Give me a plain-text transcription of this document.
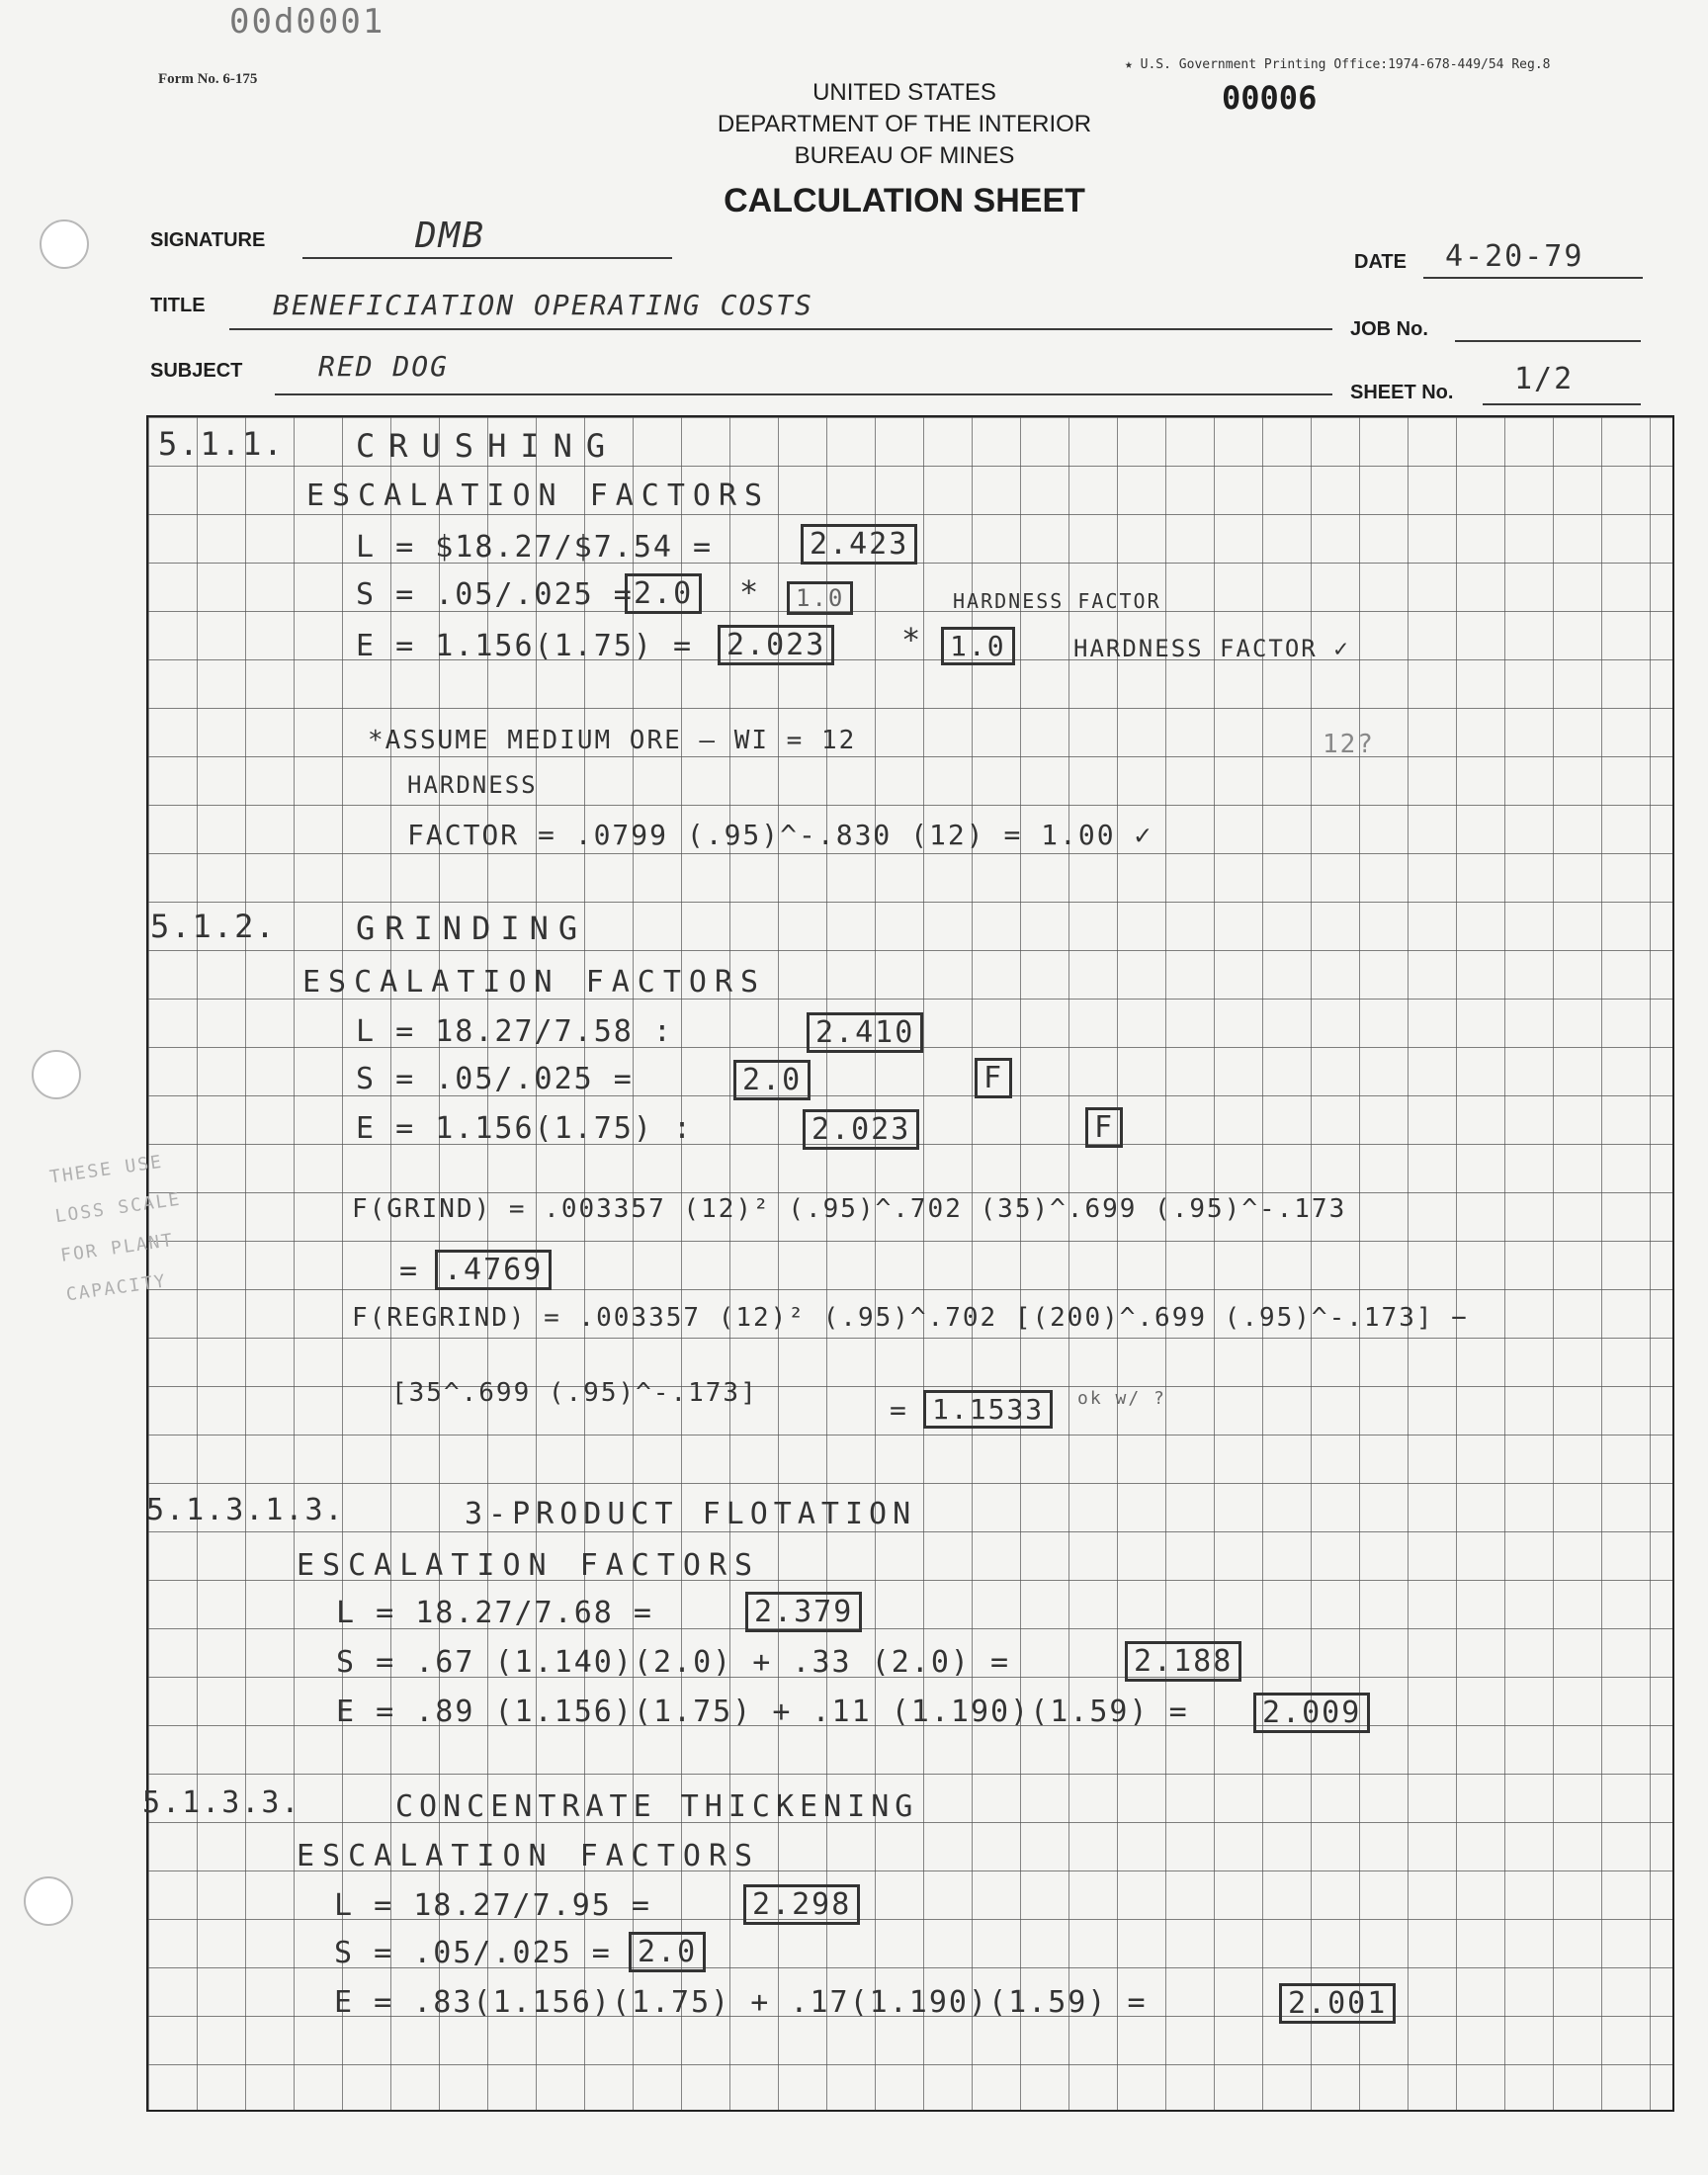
00d0001
Form No. 6-175
★ U.S. Government Printing Office:1974-678-449/54 Reg.8
00006
UNITED STATES
DEPARTMENT OF THE INTERIOR
BUREAU OF MINES
CALCULATION SHEET
SIGNATURE	DMB
DATE 4-20-79
TITLE BENEFICIATION OPERATING COSTS
JOB No.
SUBJECT	RED DOG
SHEET No. 1/2
THESE USE LOSS SCALE FOR PLANT CAPACITY
5.1.1. CRUSHING
ESCALATION FACTORS
L = $18.27/$7.54 =	2.423
S = .05/.025 = 2.0 *	1.0	HARDNESS FACTOR
E = 1.156(1.75) =	2.023 * 1.0	HARDNESS FACTOR ✓
*ASSUME MEDIUM ORE — WI = 12	12?
HARDNESS
FACTOR = .0799 (.95)^-.830 (12) = 1.00 ✓
5.1.2.	GRINDING
ESCALATION FACTORS
L = 18.27/7.58 :	2.410
S = .05/.025 =	2.0	F
E = 1.156(1.75) :	2.023	F
F(GRIND) = .003357 (12)² (.95)^.702 (35)^.699 (.95)^-.173
= .4769
F(REGRIND) = .003357 (12)² (.95)^.702 [(200)^.699 (.95)^-.173] −
[35^.699 (.95)^-.173]
= 1.1533	ok w/ ?
5.1.3.1.3.	3-PRODUCT FLOTATION
ESCALATION FACTORS
L = 18.27/7.68 =	2.379
S = .67 (1.140)(2.0) + .33 (2.0) =	2.188
E = .89 (1.156)(1.75) + .11 (1.190)(1.59) =	2.009
5.1.3.3.	CONCENTRATE THICKENING
ESCALATION FACTORS
L = 18.27/7.95 =	2.298
S = .05/.025 = 2.0
E = .83(1.156)(1.75) + .17(1.190)(1.59) =	2.001
